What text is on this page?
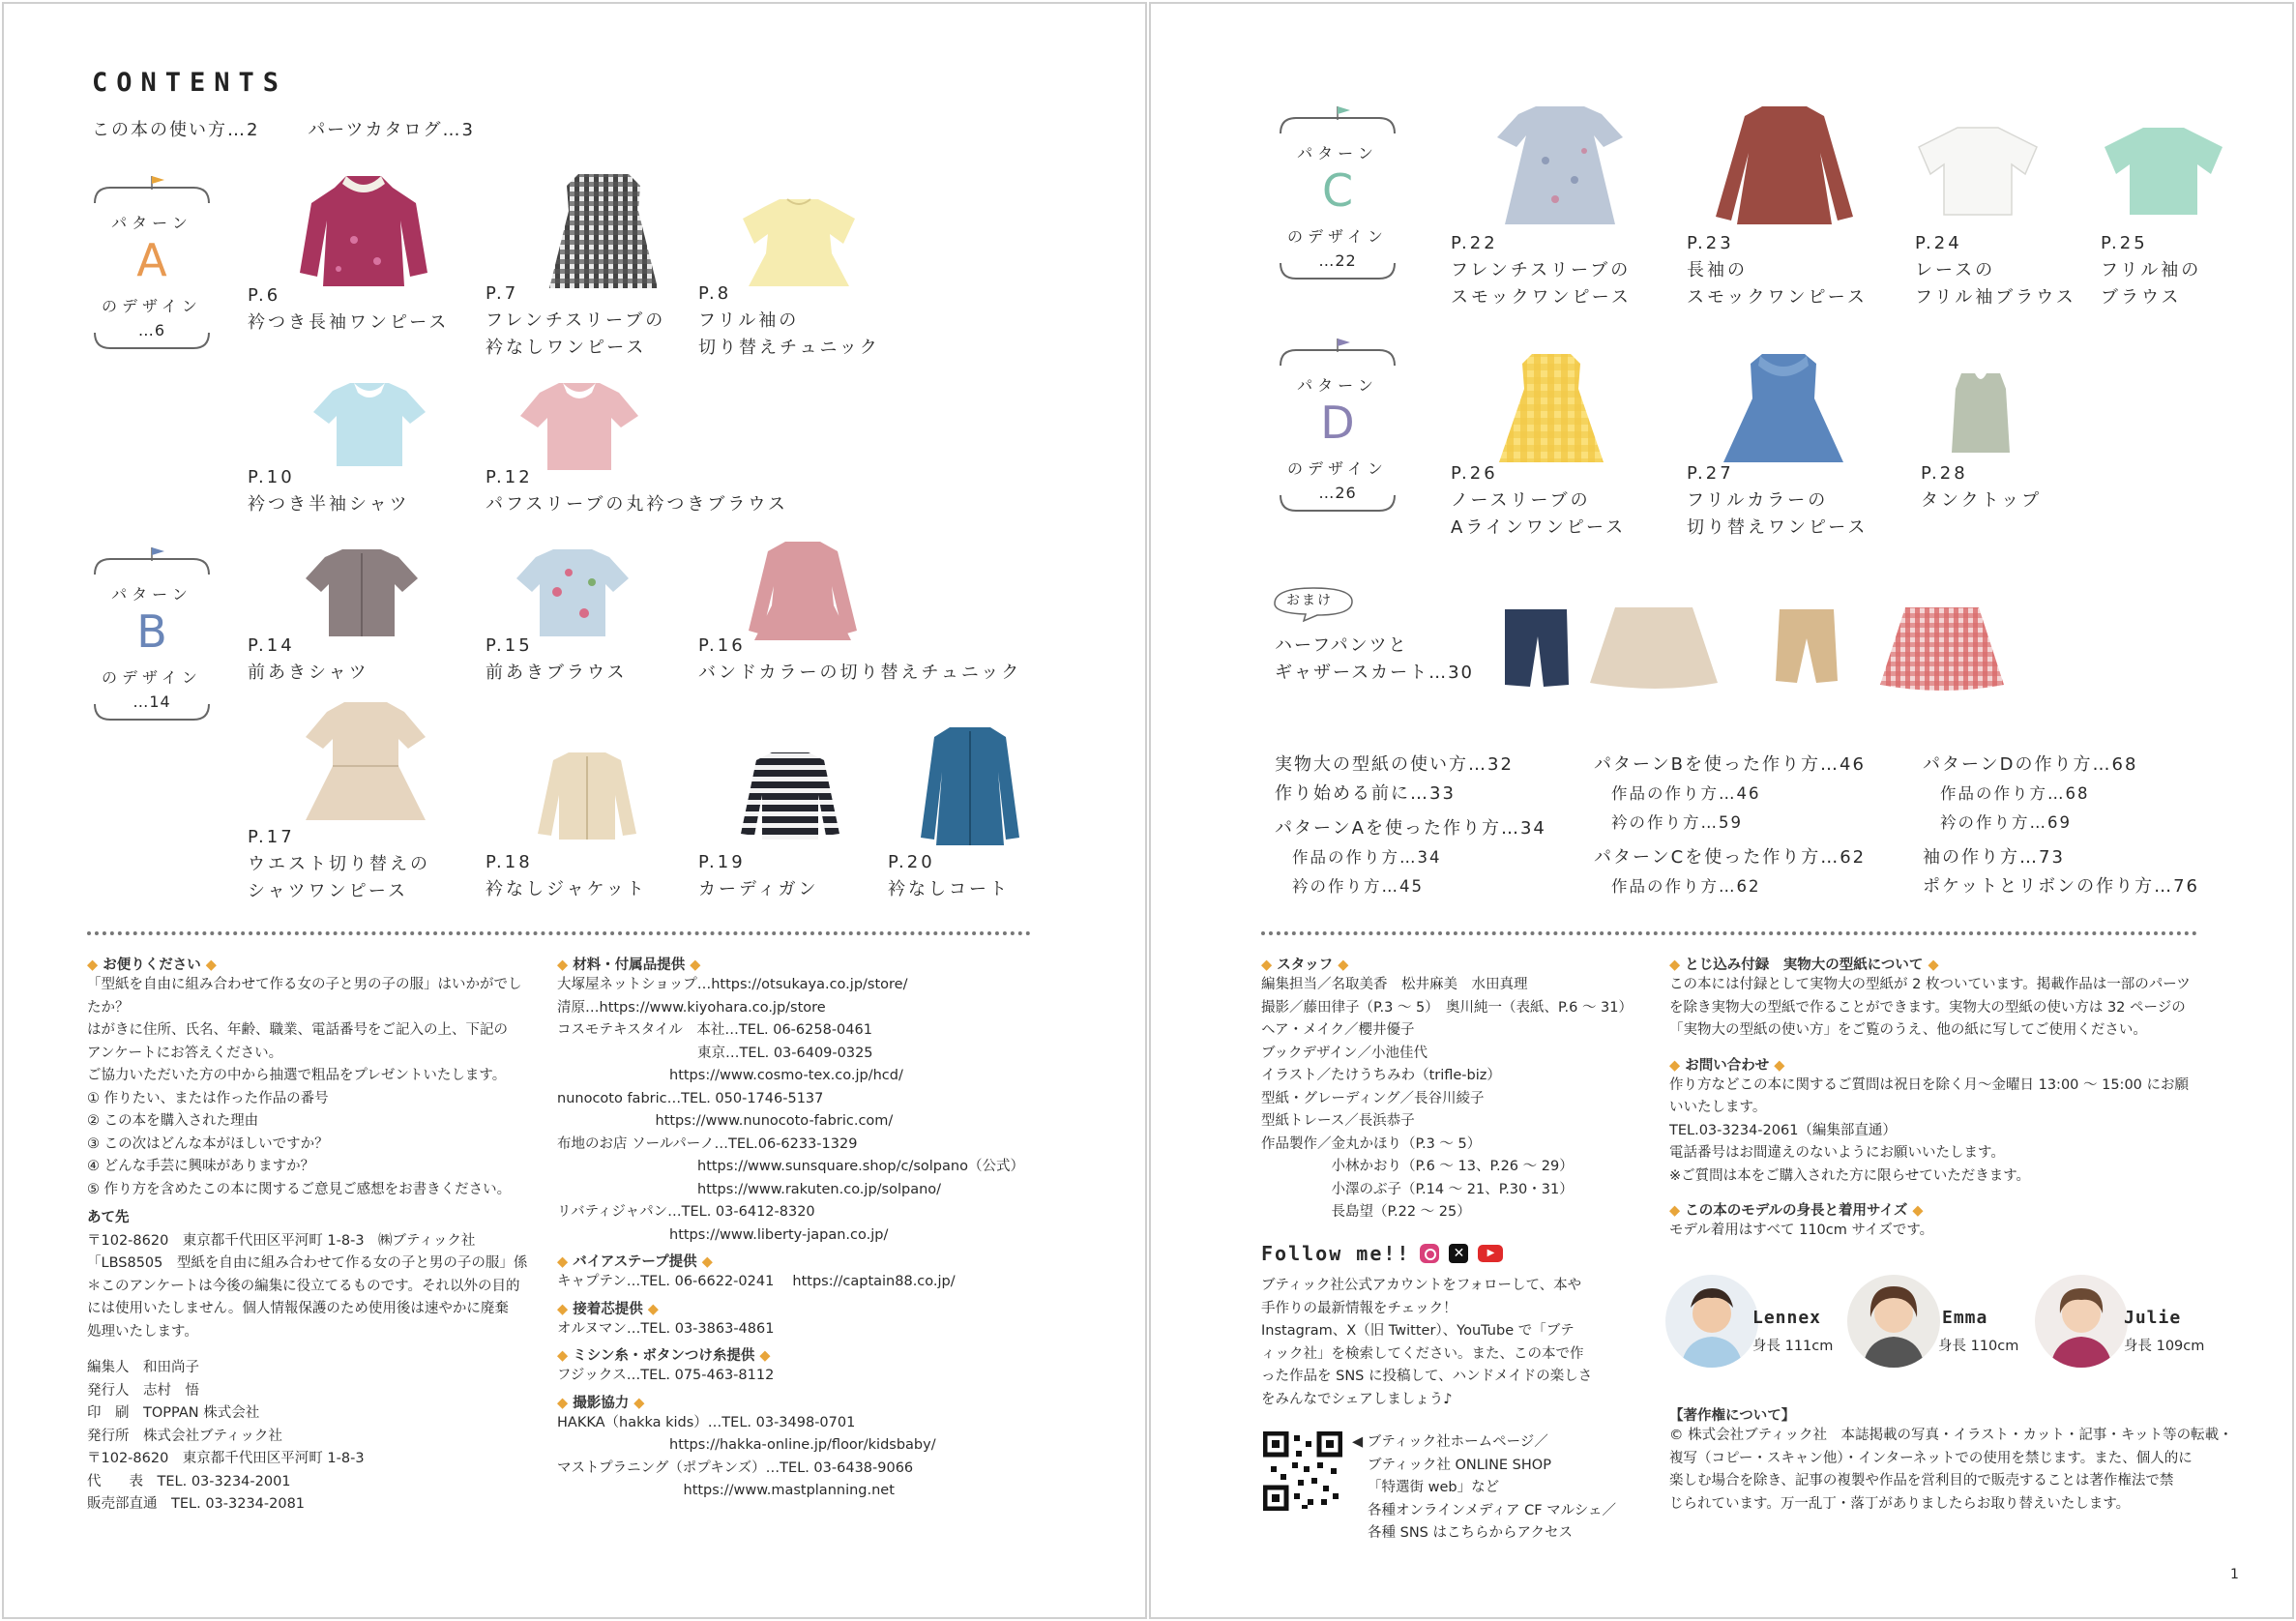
CONTENTS
この本の使い方…2	パーツカタログ…3
パターン
A
のデザイン
…6
パターン
B
のデザイン
…14
P.6
衿つき長袖ワンピース
P.7
フレンチスリーブの
衿なしワンピース
P.8
フリル袖の
切り替えチュニック
P.10
衿つき半袖シャツ
P.12
パフスリーブの丸衿つきブラウス
P.14
前あきシャツ
P.15
前あきブラウス
P.16
バンドカラーの切り替えチュニック
P.17
ウエスト切り替えの
シャツワンピース
P.18
衿なしジャケット
P.19
カーディガン
P.20
衿なしコート
◆ お便りください ◆
「型紙を自由に組み合わせて作る女の子と男の子の服」はいかがでし
たか？
はがきに住所、氏名、年齢、職業、電話番号をご記入の上、下記の
アンケートにお答えください。
ご協力いただいた方の中から抽選で粗品をプレゼントいたします。
① 作りたい、または作った作品の番号
② この本を購入された理由
③ この次はどんな本がほしいですか？
④ どんな手芸に興味がありますか？
⑤ 作り方を含めたこの本に関するご意見ご感想をお書きください。
あて先
〒102-8620　東京都千代田区平河町 1-8-3　㈱ブティック社
「LBS8505　型紙を自由に組み合わせて作る女の子と男の子の服」係
＊このアンケートは今後の編集に役立てるものです。それ以外の目的
には使用いたしません。個人情報保護のため使用後は速やかに廃棄
処理いたします。
編集人　和田尚子
発行人　志村　悟
印　刷　TOPPAN 株式会社
発行所　株式会社ブティック社
〒102-8620　東京都千代田区平河町 1-8-3
代　　表　TEL. 03-3234-2001
販売部直通　TEL. 03-3234-2081
◆ 材料・付属品提供 ◆
大塚屋ネットショップ…https://otsukaya.co.jp/store/
清原…https://www.kiyohara.co.jp/store
コスモテキスタイル　本社…TEL. 06-6258-0461
　　　　　　　　　　東京…TEL. 03-6409-0325
　　　　　　　　https://www.cosmo-tex.co.jp/hcd/
nunocoto fabric…TEL. 050-1746-5137
　　　　　　　https://www.nunocoto-fabric.com/
布地のお店 ソールパーノ…TEL.06-6233-1329
　　　　　　　　　　https://www.sunsquare.shop/c/solpano（公式）
　　　　　　　　　　https://www.rakuten.co.jp/solpano/
リバティジャパン…TEL. 03-6412-8320
　　　　　　　　https://www.liberty-japan.co.jp/
◆ バイアステープ提供 ◆
キャプテン…TEL. 06-6622-0241　 https://captain88.co.jp/
◆ 接着芯提供 ◆
オルヌマン…TEL. 03-3863-4861
◆ ミシン糸・ボタンつけ糸提供 ◆
フジックス…TEL. 075-463-8112
◆ 撮影協力 ◆
HAKKA（hakka kids）…TEL. 03-3498-0701
　　　　　　　　https://hakka-online.jp/floor/kidsbaby/
マストプラニング（ポプキンズ）…TEL. 03-6438-9066
　　　　　　　　　https://www.mastplanning.net
パターン
C
のデザイン
…22
パターン
D
のデザイン
…26
P.22
フレンチスリーブの
スモックワンピース
P.23
長袖の
スモックワンピース
P.24
レースの
フリル袖ブラウス
P.25
フリル袖の
ブラウス
P.26
ノースリーブの
Aラインワンピース
P.27
フリルカラーの
切り替えワンピース
P.28
タンクトップ
おまけ
ハーフパンツと
ギャザースカート…30
実物大の型紙の使い方…32
作り始める前に…33
パターンAを使った作り方…34
作品の作り方…34
衿の作り方…45
パターンBを使った作り方…46
作品の作り方…46
衿の作り方…59
パターンCを使った作り方…62
作品の作り方…62
パターンDの作り方…68
作品の作り方…68
衿の作り方…69
袖の作り方…73
ポケットとリボンの作り方…76
◆ スタッフ ◆
編集担当／名取美香　松井麻美　水田真理
撮影／藤田律子（P.3 ～ 5）　奥川純一（表紙、P.6 ～ 31）
ヘア・メイク／櫻井優子
ブックデザイン／小池佳代
イラスト／たけうちみわ（trifle-biz）
型紙・グレーディング／長谷川綾子
型紙トレース／長浜恭子
作品製作／金丸かほり（P.3 ～ 5）
　　　　　小林かおり（P.6 ～ 13、P.26 ～ 29）
　　　　　小澤のぶ子（P.14 ～ 21、P.30・31）
　　　　　長島望（P.22 ～ 25）
Follow me!!	✕	▶
ブティック社公式アカウントをフォローして、本や
手作りの最新情報をチェック！
Instagram、X（旧 Twitter）、YouTube で「ブテ
ィック社」を検索してください。また、この本で作
った作品を SNS に投稿して、ハンドメイドの楽しさ
をみんなでシェアしましょう♪
◀ ブティック社ホームページ／
ブティック社 ONLINE SHOP
「特選街 web」など
各種オンラインメディア CF マルシェ／
各種 SNS はこちらからアクセス
◆ とじ込み付録　実物大の型紙について ◆
この本には付録として実物大の型紙が 2 枚ついています。掲載作品は一部のパーツ
を除き実物大の型紙で作ることができます。実物大の型紙の使い方は 32 ページの
「実物大の型紙の使い方」をご覧のうえ、他の紙に写してご使用ください。
◆ お問い合わせ ◆
作り方などこの本に関するご質問は祝日を除く月～金曜日 13:00 ～ 15:00 にお願
いいたします。
TEL.03-3234-2061（編集部直通）
電話番号はお間違えのないようにお願いいたします。
※ご質問は本をご購入された方に限らせていただきます。
◆ この本のモデルの身長と着用サイズ ◆
モデル着用はすべて 110cm サイズです。
Lennex
身長 111cm
Emma
身長 110cm
Julie
身長 109cm
【著作権について】
© 株式会社ブティック社　本誌掲載の写真・イラスト・カット・記事・キット等の転載・
複写（コピー・スキャン他）・インターネットでの使用を禁じます。また、個人的に
楽しむ場合を除き、記事の複製や作品を営利目的で販売することは著作権法で禁
じられています。万一乱丁・落丁がありましたらお取り替えいたします。
1
